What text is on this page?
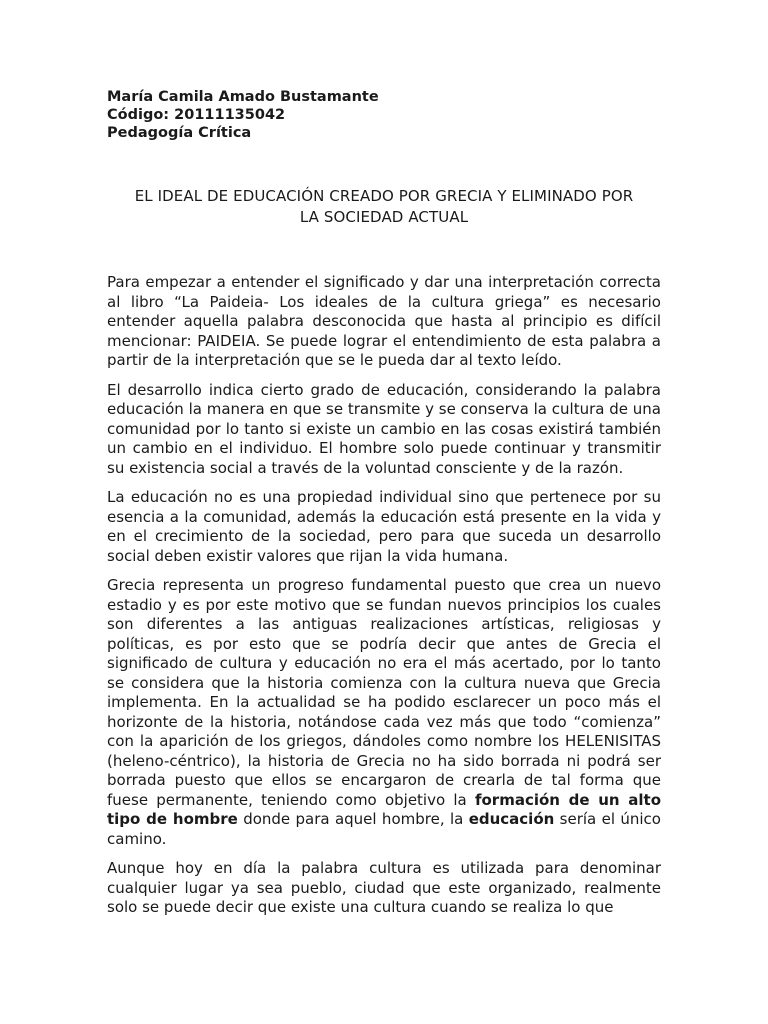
María Camila Amado Bustamante
Código: 20111135042
Pedagogía Crítica
EL IDEAL DE EDUCACIÓN CREADO POR GRECIA Y ELIMINADO POR
LA SOCIEDAD ACTUAL

Para empezar a entender el significado y dar una interpretación correcta al libro “La Paideia- Los ideales de la cultura griega” es necesario entender aquella palabra desconocida que hasta al principio es difícil mencionar: PAIDEIA. Se puede lograr el entendimiento de esta palabra a partir de la interpretación que se le pueda dar al texto leído.

El desarrollo indica cierto grado de educación, considerando la palabra educación la manera en que se transmite y se conserva la cultura de una comunidad por lo tanto si existe un cambio en las cosas existirá también un cambio en el individuo. El hombre solo puede continuar y transmitir su existencia social a través de la voluntad consciente y de la razón.

La educación no es una propiedad individual sino que pertenece por su esencia a la comunidad, además la educación está presente en la vida y en el crecimiento de la sociedad, pero para que suceda un desarrollo social deben existir valores que rijan la vida humana.

Grecia representa un progreso fundamental puesto que crea un nuevo estadio y es por este motivo que se fundan nuevos principios los cuales son diferentes a las antiguas realizaciones artísticas, religiosas y políticas, es por esto que se podría decir que antes de Grecia el significado de cultura y educación no era el más acertado, por lo tanto se considera que la historia comienza con la cultura nueva que Grecia implementa. En la actualidad se ha podido esclarecer un poco más el horizonte de la historia, notándose cada vez más que todo “comienza” con la aparición de los griegos, dándoles como nombre los HELENISITAS (heleno-céntrico), la historia de Grecia no ha sido borrada ni podrá ser borrada puesto que ellos se encargaron de crearla de tal forma que fuese permanente, teniendo como objetivo la formación de un alto tipo de hombre donde para aquel hombre, la educación sería el único camino.

Aunque hoy en día la palabra cultura es utilizada para denominar cualquier lugar ya sea pueblo, ciudad que este organizado, realmente solo se puede decir que existe una cultura cuando se realiza lo que
